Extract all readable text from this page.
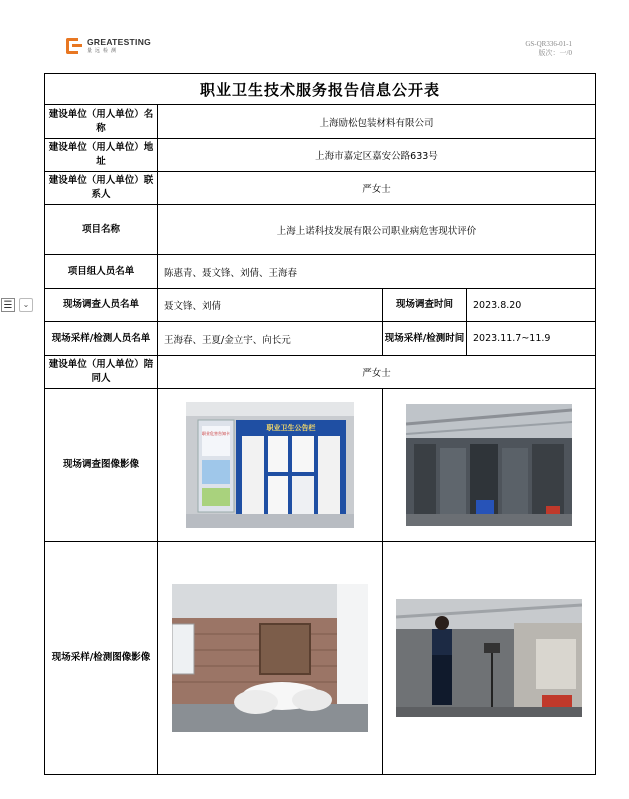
GREATESTING
量远检测
GS-QR336-01-1
版次：一/0
☰	⌄
职业卫生技术服务报告信息公开表			
建设单位（用人单位）名称	上海励松包装材料有限公司		
建设单位（用人单位）地址	上海市嘉定区嘉安公路633号		
建设单位（用人单位）联系人	严女士		
项目名称	上海上诺科技发展有限公司职业病危害现状评价		
项目组人员名单	陈惠青、聂文锋、刘倩、王海春		
现场调查人员名单	聂文锋、刘倩	现场调查时间	2023.8.20
现场采样/检测人员名单	王海春、王夏/金立宇、向长元	现场采样/检测时间	2023.11.7~11.9
建设单位（用人单位）陪同人	严女士		
现场调查图像影像	职业危害告知卡
职业卫生公告栏

现场采样/检测图像影像	
